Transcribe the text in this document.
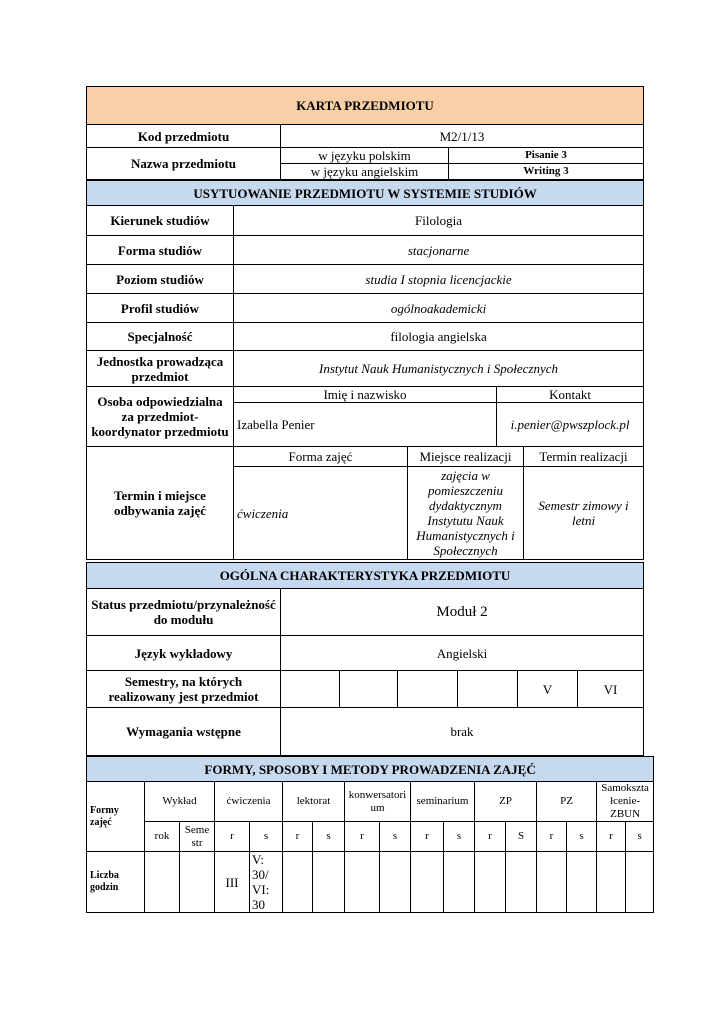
KARTA PRZEDMIOTU		
Kod przedmiotu	M2/1/13	
Nazwa przedmiotu	w języku polskim	Pisanie 3
	w języku angielskim	Writing 3
USYTUOWANIE PRZEDMIOTU W SYSTEMIE STUDIÓW				
Kierunek studiów	Filologia			
Forma studiów	stacjonarne			
Poziom studiów	studia I stopnia licencjackie			
Profil studiów	ogólnoakademicki			
Specjalność	filologia angielska			
Jednostka prowadząca przedmiot	Instytut Nauk Humanistycznych i Społecznych			
Osoba odpowiedzialna za przedmiot- koordynator przedmiotu	Imię i nazwisko		Kontakt	
	Izabella Penier		i.penier@pwszplock.pl	
Termin i miejsce odbywania zajęć	Forma zajęć	Miejsce realizacji		Termin realizacji
	ćwiczenia	zajęcia w pomieszczeniu dydaktycznym Instytutu Nauk Humanistycznych i Społecznych		Semestr zimowy i letni
OGÓLNA CHARAKTERYSTYKA PRZEDMIOTU						
Status przedmiotu/przynależność do modułu	Moduł 2					
Język wykładowy	Angielski					
Semestry, na których realizowany jest przedmiot					V	VI
Wymagania wstępne	brak					
FORMY, SPOSOBY I METODY PROWADZENIA ZAJĘĆ																
Formy zajęć	Wykład		ćwiczenia		lektorat		konwersatori um		seminarium		ZP		PZ		Samokszta łcenie- ZBUN	
	rok	Seme str	r	s	r	s	r	s	r	s	r	S	r	s	r	s
Liczba godzin			III	V: 30/ VI: 30												
